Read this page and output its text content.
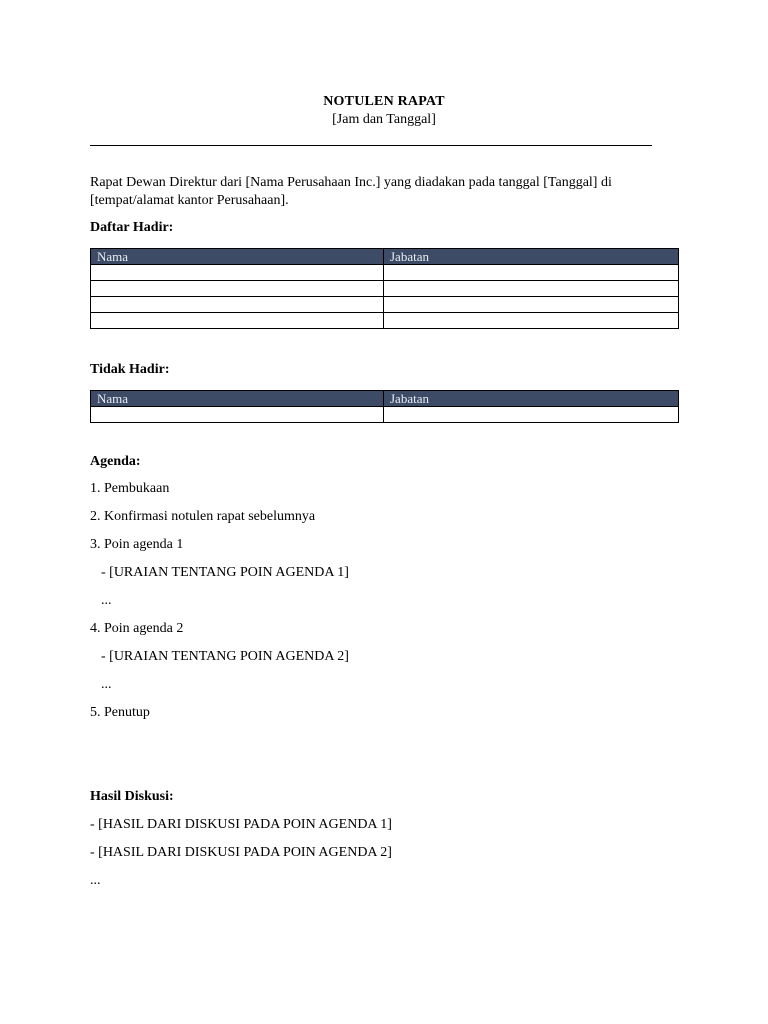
NOTULEN RAPAT
[Jam dan Tanggal]
Rapat Dewan Direktur dari [Nama Perusahaan Inc.] yang diadakan pada tanggal [Tanggal] di
[tempat/alamat kantor Perusahaan].
Daftar Hadir:
Nama	Jabatan

Tidak Hadir:
Nama	Jabatan

Agenda:
1. Pembukaan
2. Konfirmasi notulen rapat sebelumnya
3. Poin agenda 1
- [URAIAN TENTANG POIN AGENDA 1]
...
4. Poin agenda 2
- [URAIAN TENTANG POIN AGENDA 2]
...
5. Penutup
Hasil Diskusi:
- [HASIL DARI DISKUSI PADA POIN AGENDA 1]
- [HASIL DARI DISKUSI PADA POIN AGENDA 2]
...
